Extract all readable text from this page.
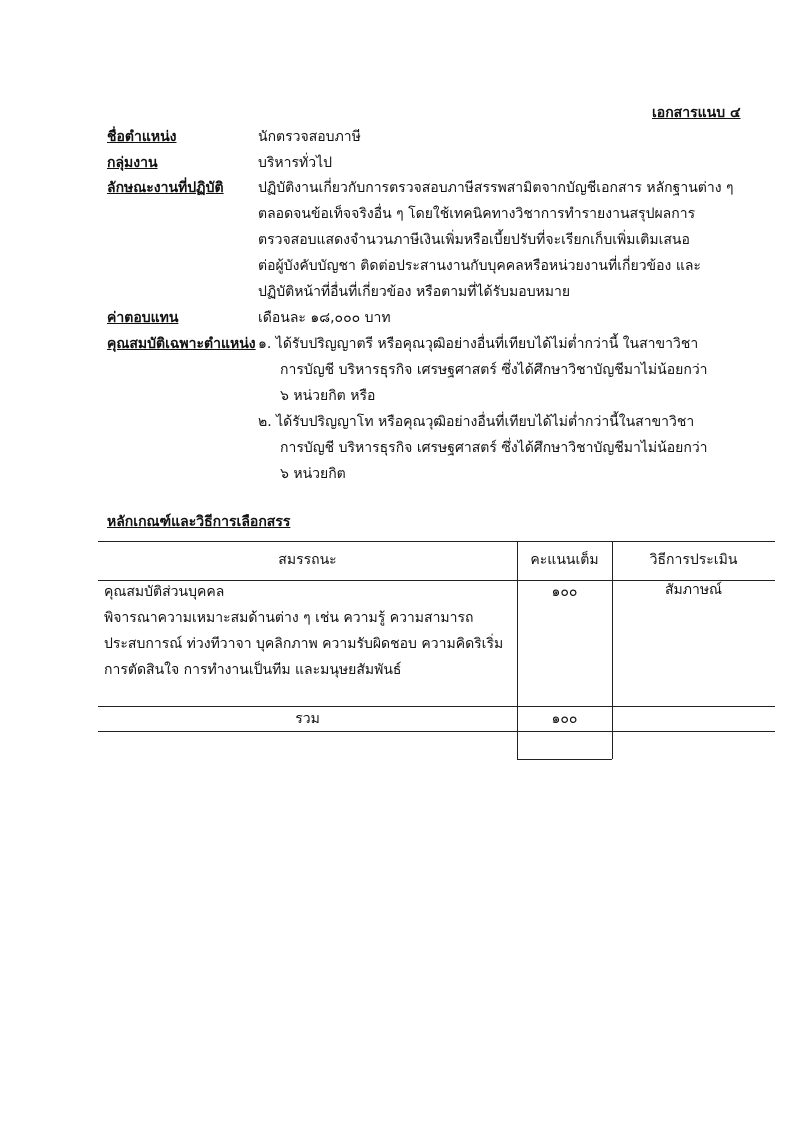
เอกสารแนบ ๔
ชื่อตำแหน่ง	นักตรวจสอบภาษี
กลุ่มงาน	บริหารทั่วไป
ลักษณะงานที่ปฏิบัติ ปฏิบัติงานเกี่ยวกับการตรวจสอบภาษีสรรพสามิตจากบัญชีเอกสาร หลักฐานต่าง ๆ
ตลอดจนข้อเท็จจริงอื่น ๆ โดยใช้เทคนิคทางวิชาการทำรายงานสรุปผลการ
ตรวจสอบแสดงจำนวนภาษีเงินเพิ่มหรือเบี้ยปรับที่จะเรียกเก็บเพิ่มเติมเสนอ
ต่อผู้บังคับบัญชา ติดต่อประสานงานกับบุคคลหรือหน่วยงานที่เกี่ยวข้อง และ
ปฏิบัติหน้าที่อื่นที่เกี่ยวข้อง หรือตามที่ได้รับมอบหมาย
ค่าตอบแทน	เดือนละ ๑๘,๐๐๐ บาท
คุณสมบัติเฉพาะตำแหน่ง ๑. ได้รับปริญญาตรี หรือคุณวุฒิอย่างอื่นที่เทียบได้ไม่ต่ำกว่านี้ ในสาขาวิชา
การบัญชี บริหารธุรกิจ เศรษฐศาสตร์ ซึ่งได้ศึกษาวิชาบัญชีมาไม่น้อยกว่า
๖ หน่วยกิต หรือ
๒. ได้รับปริญญาโท หรือคุณวุฒิอย่างอื่นที่เทียบได้ไม่ต่ำกว่านี้ในสาขาวิชา
การบัญชี บริหารธุรกิจ เศรษฐศาสตร์ ซึ่งได้ศึกษาวิชาบัญชีมาไม่น้อยกว่า
๖ หน่วยกิต
หลักเกณฑ์และวิธีการเลือกสรร
สมรรถนะ	คะแนนเต็ม	วิธีการประเมิน
คุณสมบัติส่วนบุคคล
พิจารณาความเหมาะสมด้านต่าง ๆ เช่น ความรู้ ความสามารถ
ประสบการณ์ ท่วงทีวาจา บุคลิกภาพ ความรับผิดชอบ ความคิดริเริ่ม
การตัดสินใจ การทำงานเป็นทีม และมนุษยสัมพันธ์
๑๐๐	สัมภาษณ์
รวม	๑๐๐
